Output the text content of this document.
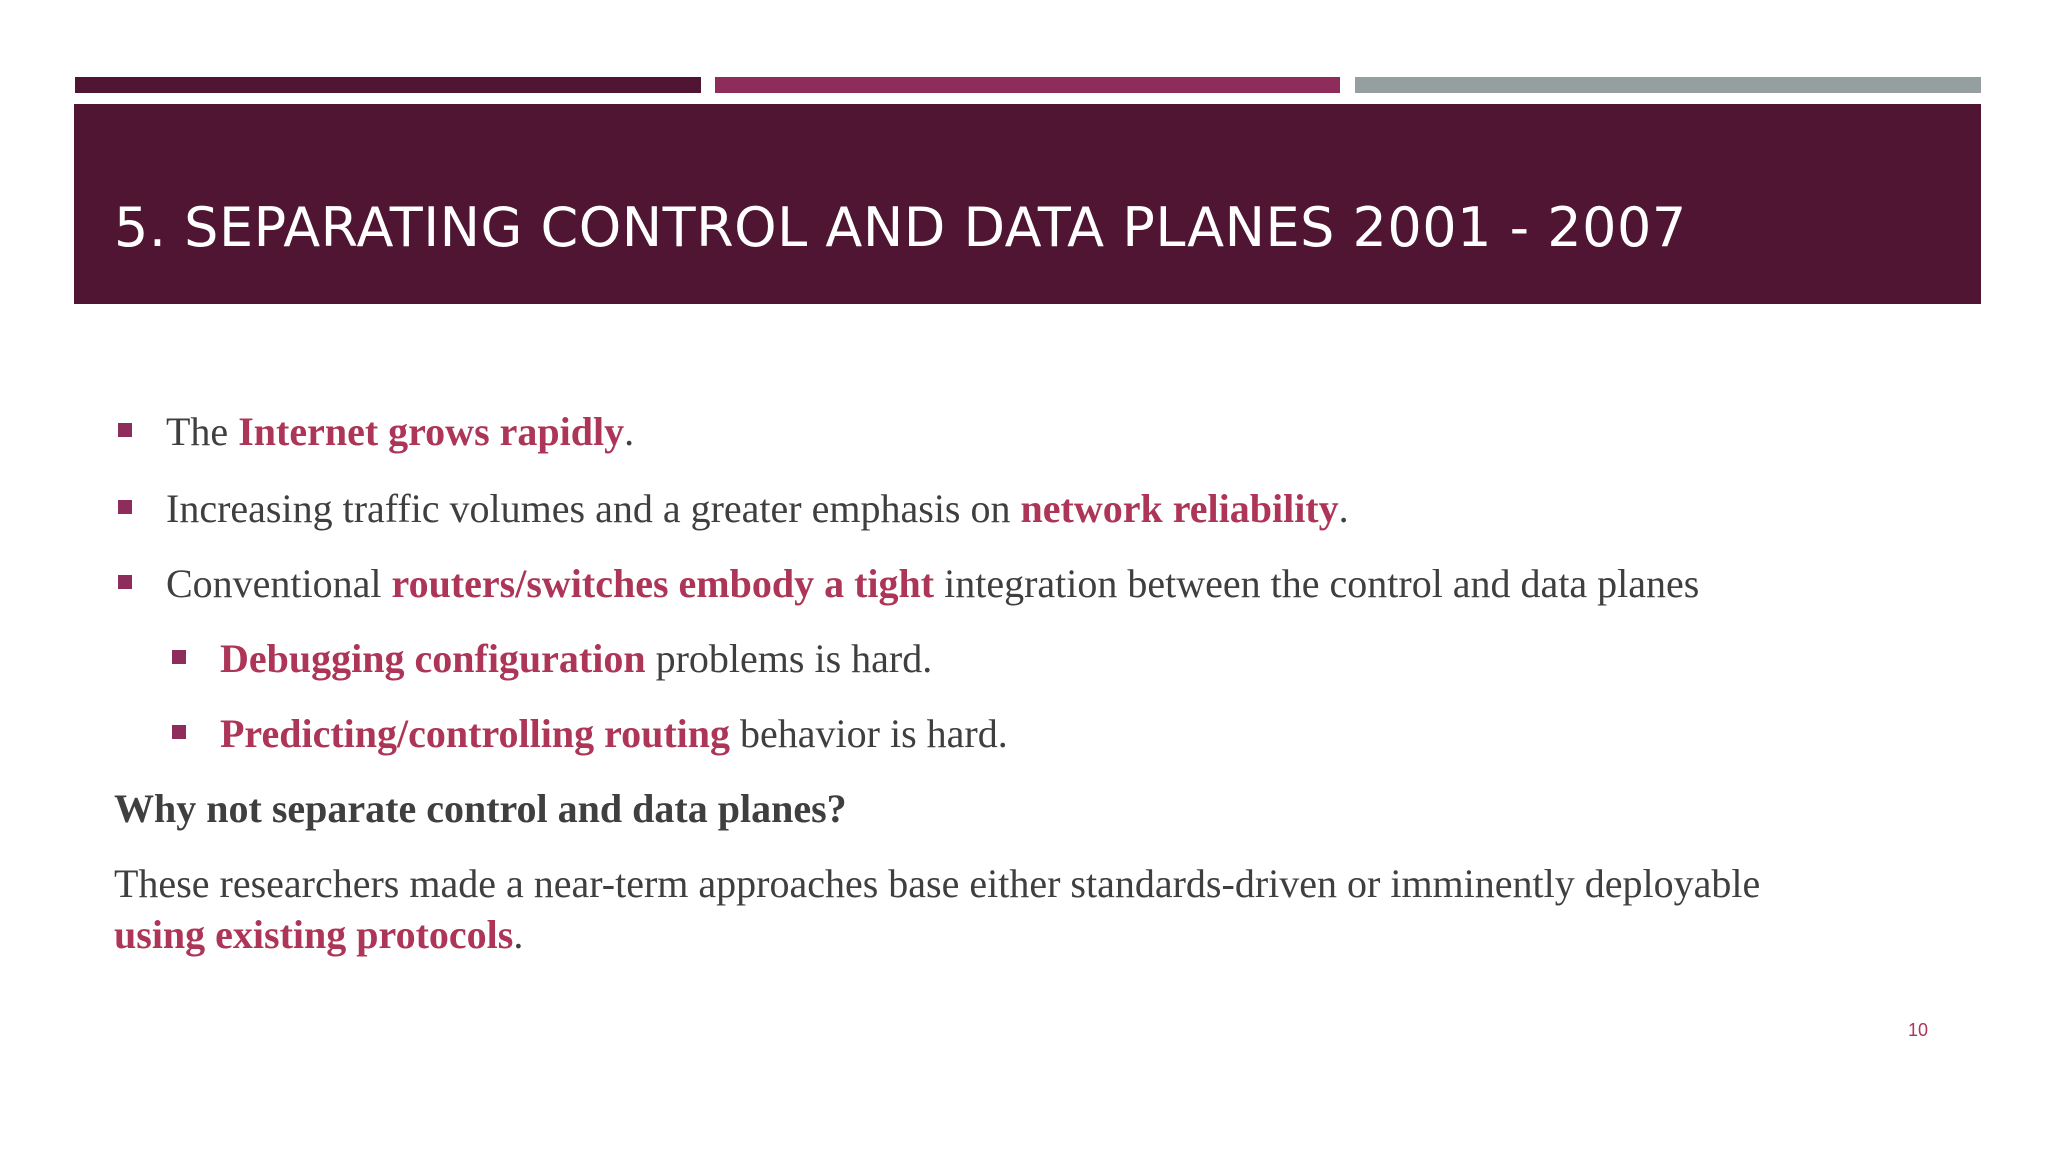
5. SEPARATING CONTROL AND DATA PLANES 2001 - 2007
The Internet grows rapidly.
Increasing traffic volumes and a greater emphasis on network reliability.
Conventional routers/switches embody a tight integration between the control and data planes
Debugging configuration problems is hard.
Predicting/controlling routing behavior is hard.
Why not separate control and data planes?
These researchers made a near-term approaches base either standards-driven or imminently deployable
using existing protocols.
10
